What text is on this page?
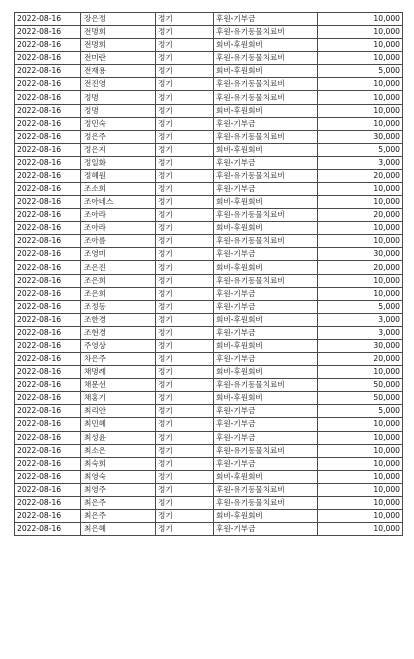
2022-08-16	장은정	정기	후원-기부금	10,000
2022-08-16	전명희	정기	후원-유기동물치료비	10,000
2022-08-16	전명희	정기	회비-후원회비	10,000
2022-08-16	전미란	정기	후원-유기동물치료비	10,000
2022-08-16	전재용	정기	회비-후원회비	5,000
2022-08-16	전진영	정기	후원-유기동물치료비	10,000
2022-08-16	정명	정기	후원-유기동물치료비	10,000
2022-08-16	정명	정기	회비-후원회비	10,000
2022-08-16	정민숙	정기	후원-기부금	10,000
2022-08-16	정은주	정기	후원-유기동물치료비	30,000
2022-08-16	정은지	정기	회비-후원회비	5,000
2022-08-16	정일화	정기	후원-기부금	3,000
2022-08-16	정혜원	정기	후원-유기동물치료비	20,000
2022-08-16	조소희	정기	후원-기부금	10,000
2022-08-16	조아네스	정기	회비-후원회비	10,000
2022-08-16	조아라	정기	후원-유기동물치료비	20,000
2022-08-16	조아라	정기	회비-후원회비	10,000
2022-08-16	조아름	정기	후원-유기동물치료비	10,000
2022-08-16	조영미	정기	후원-기부금	30,000
2022-08-16	조은진	정기	회비-후원회비	20,000
2022-08-16	조은희	정기	후원-유기동물치료비	10,000
2022-08-16	조은희	정기	후원-기부금	10,000
2022-08-16	조정동	정기	후원-기부금	5,000
2022-08-16	조한경	정기	회비-후원회비	3,000
2022-08-16	조현경	정기	후원-기부금	3,000
2022-08-16	주영상	정기	회비-후원회비	30,000
2022-08-16	차은주	정기	후원-기부금	20,000
2022-08-16	채명례	정기	회비-후원회비	10,000
2022-08-16	채문선	정기	후원-유기동물치료비	50,000
2022-08-16	채홍기	정기	회비-후원회비	50,000
2022-08-16	최리안	정기	후원-기부금	5,000
2022-08-16	최민혜	정기	후원-기부금	10,000
2022-08-16	최성윤	정기	후원-기부금	10,000
2022-08-16	최소은	정기	후원-유기동물치료비	10,000
2022-08-16	최숙희	정기	후원-기부금	10,000
2022-08-16	최영숙	정기	회비-후원회비	10,000
2022-08-16	최영주	정기	후원-유기동물치료비	10,000
2022-08-16	최은주	정기	후원-유기동물치료비	10,000
2022-08-16	최은주	정기	회비-후원회비	10,000
2022-08-16	최은혜	정기	후원-기부금	10,000
